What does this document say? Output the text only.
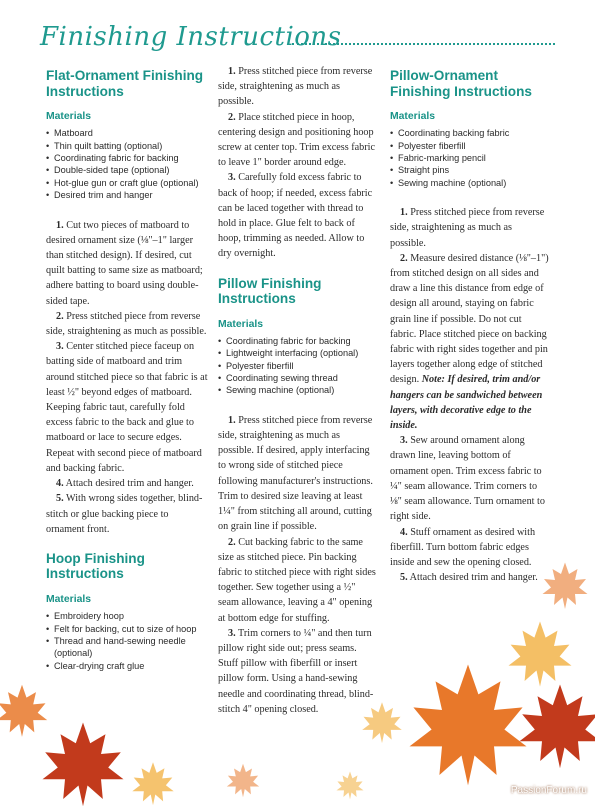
Finishing Instructions
Flat-Ornament Finishing Instructions
Materials
• Matboard
• Thin quilt batting (optional)
• Coordinating fabric for backing
• Double-sided tape (optional)
• Hot-glue gun or craft glue (optional)
• Desired trim and hanger

1. Cut two pieces of matboard to desired ornament size (⅛"–1" larger than stitched design). If desired, cut quilt batting to same size as matboard; adhere batting to board using double-sided tape.

2. Press stitched piece from reverse side, straightening as much as possible.

3. Center stitched piece faceup on batting side of matboard and trim around stitched piece so that fabric is at least ½" beyond edges of matboard. Keeping fabric taut, carefully fold excess fabric to the back and glue to matboard or lace to secure edges. Repeat with second piece of matboard and backing fabric.

4. Attach desired trim and hanger.

5. With wrong sides together, blind-stitch or glue backing piece to ornament front.

Hoop Finishing Instructions
Materials
• Embroidery hoop
• Felt for backing, cut to size of hoop
• Thread and hand-sewing needle (optional)
• Clear-drying craft glue

1. Press stitched piece from reverse side, straightening as much as possible.

2. Place stitched piece in hoop, centering design and positioning hoop screw at center top. Trim excess fabric to leave 1" border around edge.

3. Carefully fold excess fabric to back of hoop; if needed, excess fabric can be laced together with thread to hold in place. Glue felt to back of hoop, trimming as needed. Allow to dry overnight.

Pillow Finishing Instructions
Materials
• Coordinating fabric for backing
• Lightweight interfacing (optional)
• Polyester fiberfill
• Coordinating sewing thread
• Sewing machine (optional)

1. Press stitched piece from reverse side, straightening as much as possible. If desired, apply interfacing to wrong side of stitched piece following manufacturer's instructions. Trim to desired size leaving at least 1¼" from stitching all around, cutting on grain line if possible.

2. Cut backing fabric to the same size as stitched piece. Pin backing fabric to stitched piece with right sides together. Sew together using a ½" seam allowance, leaving a 4" opening at bottom edge for stuffing.

3. Trim corners to ¼" and then turn pillow right side out; press seams. Stuff pillow with fiberfill or insert pillow form. Using a hand-sewing needle and coordinating thread, blind-stitch 4" opening closed.

Pillow-Ornament Finishing Instructions
Materials
• Coordinating backing fabric
• Polyester fiberfill
• Fabric-marking pencil
• Straight pins
• Sewing machine (optional)

1. Press stitched piece from reverse side, straightening as much as possible.

2. Measure desired distance (⅛"–1") from stitched design on all sides and draw a line this distance from edge of design all around, staying on fabric grain line if possible. Do not cut fabric. Place stitched piece on backing fabric with right sides together and pin layers together along edge of stitched design. Note: If desired, trim and/or hangers can be sandwiched between layers, with decorative edge to the inside.

3. Sew around ornament along drawn line, leaving bottom of ornament open. Trim excess fabric to ¼" seam allowance. Trim corners to ⅛" seam allowance. Turn ornament to right side.

4. Stuff ornament as desired with fiberfill. Turn bottom fabric edges inside and sew the opening closed.

5. Attach desired trim and hanger.

PassionForum.ru
